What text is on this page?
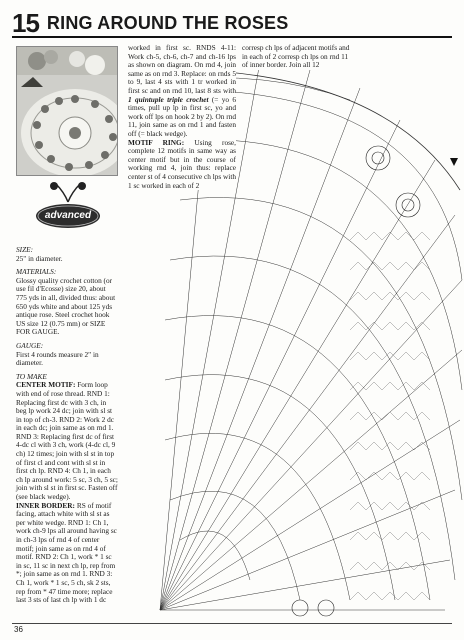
15 RING AROUND THE ROSES
advanced
SIZE:
25" in diameter.
MATERIALS:
Glossy quality crochet cotton (or use fil d'Ecosse) size 20, about 775 yds in all, divided thus: about 650 yds white and about 125 yds antique rose. Steel crochet hook US size 12 (0.75 mm) or SIZE FOR GAUGE.
GAUGE:
First 4 rounds measure 2" in diameter.
TO MAKE
CENTER MOTIF: Form loop with end of rose thread. RND 1: Replacing first dc with 3 ch, in beg lp work 24 dc; join with sl st in top of ch-3. RND 2: Work 2 dc in each dc; join same as on rnd 1. RND 3: Replacing first dc of first 4-dc cl with 3 ch, work (4-dc cl, 9 ch) 12 times; join with sl st in top of first cl and cont with sl st in first ch lp. RND 4: Ch 1, in each ch lp around work: 5 sc, 3 ch, 5 sc; join with sl st in first sc. Fasten off (see black wedge).
INNER BORDER: RS of motif facing, attach white with sl st as per white wedge. RND 1: Ch 1, work ch-9 lps all around having sc in ch-3 lps of rnd 4 of center motif; join same as on rnd 4 of motif. RND 2: Ch 1, work * 1 sc in sc, 11 sc in next ch lp, rep from *; join same as on rnd 1. RND 3: Ch 1, work * 1 sc, 5 ch, sk 2 sts, rep from * 47 time more; replace last 3 sts of last ch lp with 1 dc
worked in first sc. RNDS 4-11: Work ch-5, ch-6, ch-7 and ch-16 lps as shown on diagram. On rnd 4, join same as on rnd 3. Replace: on rnds 5 to 9, last 4 sts with 1 tr worked in first sc and on rnd 10, last 8 sts with 1 quintuple triple crochet (= yo 6 times, pull up lp in first sc, yo and work off lps on hook 2 by 2). On rnd 11, join same as on rnd 1 and fasten off (= black wedge).
MOTIF RING: Using rose, complete 12 motifs in same way as center motif but in the course of working rnd 4, join thus: replace center st of 4 consecutive ch lps with 1 sc worked in each of 2
corresp ch lps of adjacent motifs and in each of 2 corresp ch lps on rnd 11 of inner border. Join all 12
36
